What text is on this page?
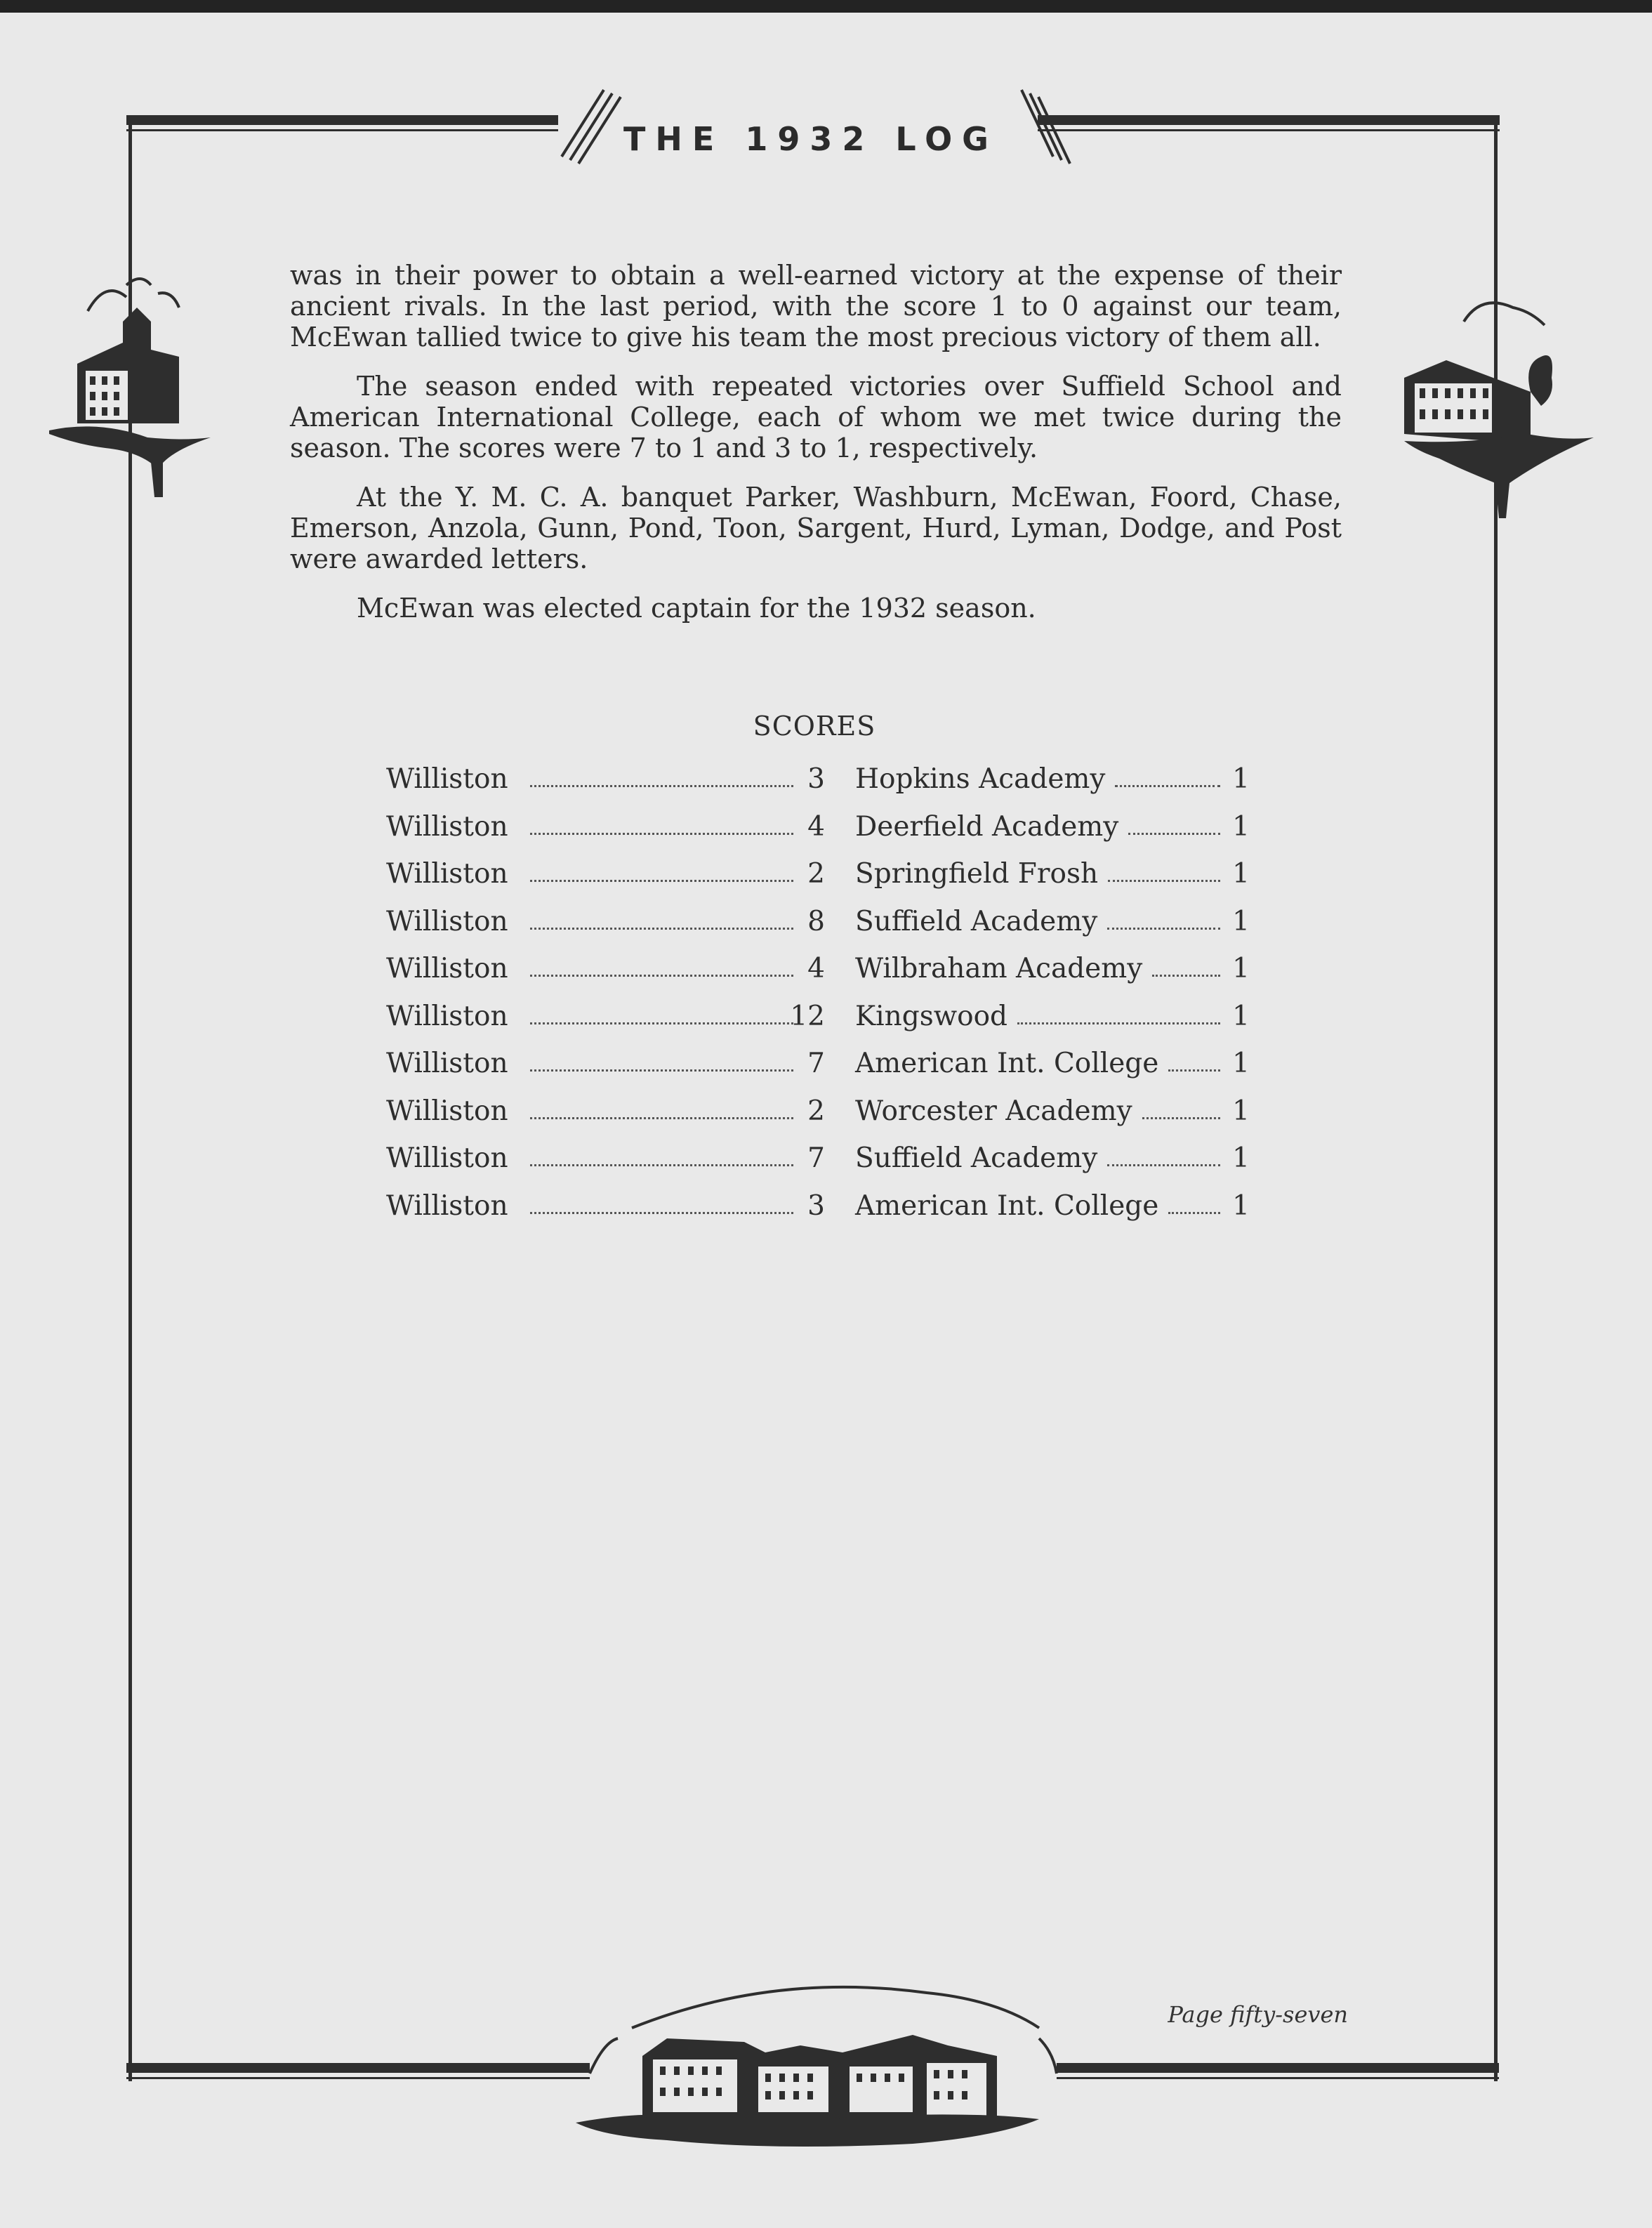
THE 1932 LOG

was in their power to obtain a well-earned victory at the expense of their ancient rivals. In the last period, with the score 1 to 0 against our team, McEwan tallied twice to give his team the most precious victory of them all.

The season ended with repeated victories over Suffield School and American International College, each of whom we met twice during the season. The scores were 7 to 1 and 3 to 1, respectively.

At the Y. M. C. A. banquet Parker, Washburn, McEwan, Foord, Chase, Emerson, Anzola, Gunn, Pond, Toon, Sargent, Hurd, Lyman, Dodge, and Post were awarded letters.

McEwan was elected captain for the 1932 season.

SCORES
Williston	3 Hopkins Academy	1
Williston	4 Deerfield Academy	1
Williston	2 Springfield Frosh	1
Williston	8 Suffield Academy	1
Williston	4 Wilbraham Academy	1
Williston	12 Kingswood	1
Williston	7 American Int. College	1
Williston	2 Worcester Academy	1
Williston	7 Suffield Academy	1
Williston	3 American Int. College	1
Page fifty-seven
